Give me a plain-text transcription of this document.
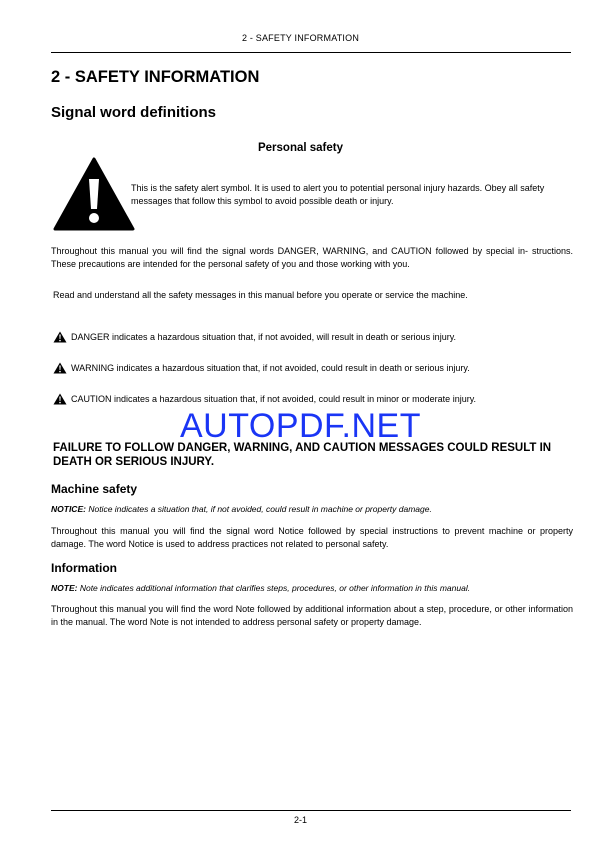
2 - SAFETY INFORMATION
2 - SAFETY INFORMATION
Signal word definitions
Personal safety
This is the safety alert symbol. It is used to alert you to potential personal injury hazards. Obey all safety messages that follow this symbol to avoid possible death or injury.
Throughout this manual you will find the signal words DANGER, WARNING, and CAUTION followed by special in- structions. These precautions are intended for the personal safety of you and those working with you.
Read and understand all the safety messages in this manual before you operate or service the machine.
DANGER indicates a hazardous situation that, if not avoided, will result in death or serious injury.
WARNING indicates a hazardous situation that, if not avoided, could result in death or serious injury.
CAUTION indicates a hazardous situation that, if not avoided, could result in minor or moderate injury.
AUTOPDF.NET
FAILURE TO FOLLOW DANGER, WARNING, AND CAUTION MESSAGES COULD RESULT IN DEATH OR SERIOUS INJURY.
Machine safety
NOTICE: Notice indicates a situation that, if not avoided, could result in machine or property damage.
Throughout this manual you will find the signal word Notice followed by special instructions to prevent machine or property damage. The word Notice is used to address practices not related to personal safety.
Information
NOTE: Note indicates additional information that clarifies steps, procedures, or other information in this manual.
Throughout this manual you will find the word Note followed by additional information about a step, procedure, or other information in the manual. The word Note is not intended to address personal safety or property damage.
2-1
